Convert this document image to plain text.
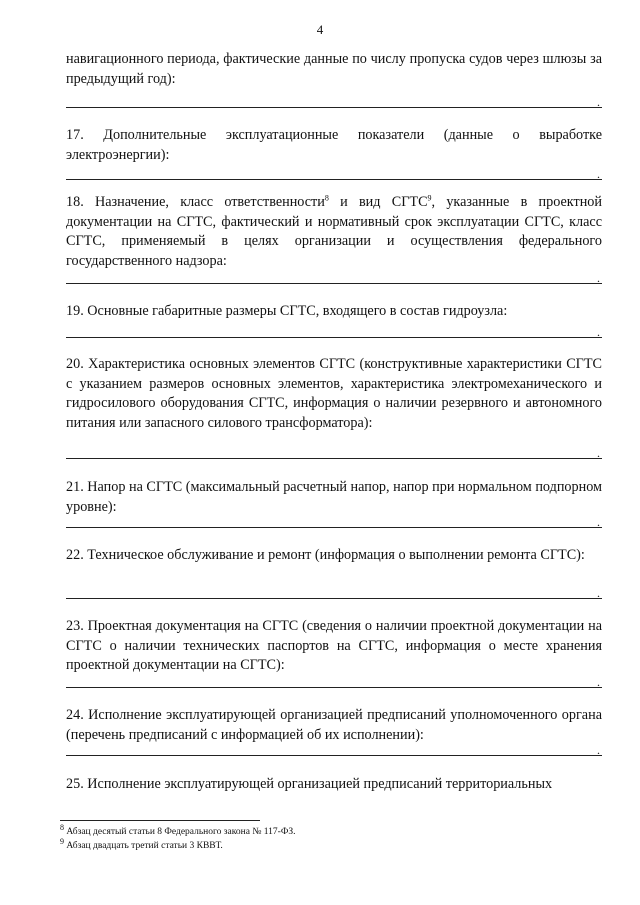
4
навигационного периода, фактические данные по числу пропуска судов через шлюзы за предыдущий год):
.
17. Дополнительные эксплуатационные показатели (данные о выработке электроэнергии):
.
18. Назначение, класс ответственности$^8$ и вид СГТС$^9$, указанные в проектной документации на СГТС, фактический и нормативный срок эксплуатации СГТС, класс СГТС, применяемый в целях организации и осуществления федерального государственного надзора:
.
19. Основные габаритные размеры СГТС, входящего в состав гидроузла:
.
20. Характеристика основных элементов СГТС (конструктивные характеристики СГТС с указанием размеров основных элементов, характеристика электромеханического и гидросилового оборудования СГТС, информация о наличии резервного и автономного питания или запасного силового трансформатора):
.
21. Напор на СГТС (максимальный расчетный напор, напор при нормальном подпорном уровне):
.
22. Техническое обслуживание и ремонт (информация о выполнении ремонта СГТС):
.
23. Проектная документация на СГТС (сведения о наличии проектной документации на СГТС о наличии технических паспортов на СГТС, информация о месте хранения проектной документации на СГТС):
.
24. Исполнение эксплуатирующей организацией предписаний уполномоченного органа (перечень предписаний с информацией об их исполнении):
.
25. Исполнение эксплуатирующей организацией предписаний территориальных
$^8$ Абзац десятый статьи 8 Федерального закона № 117-ФЗ.
$^9$ Абзац двадцать третий статьи 3 КВВТ.
